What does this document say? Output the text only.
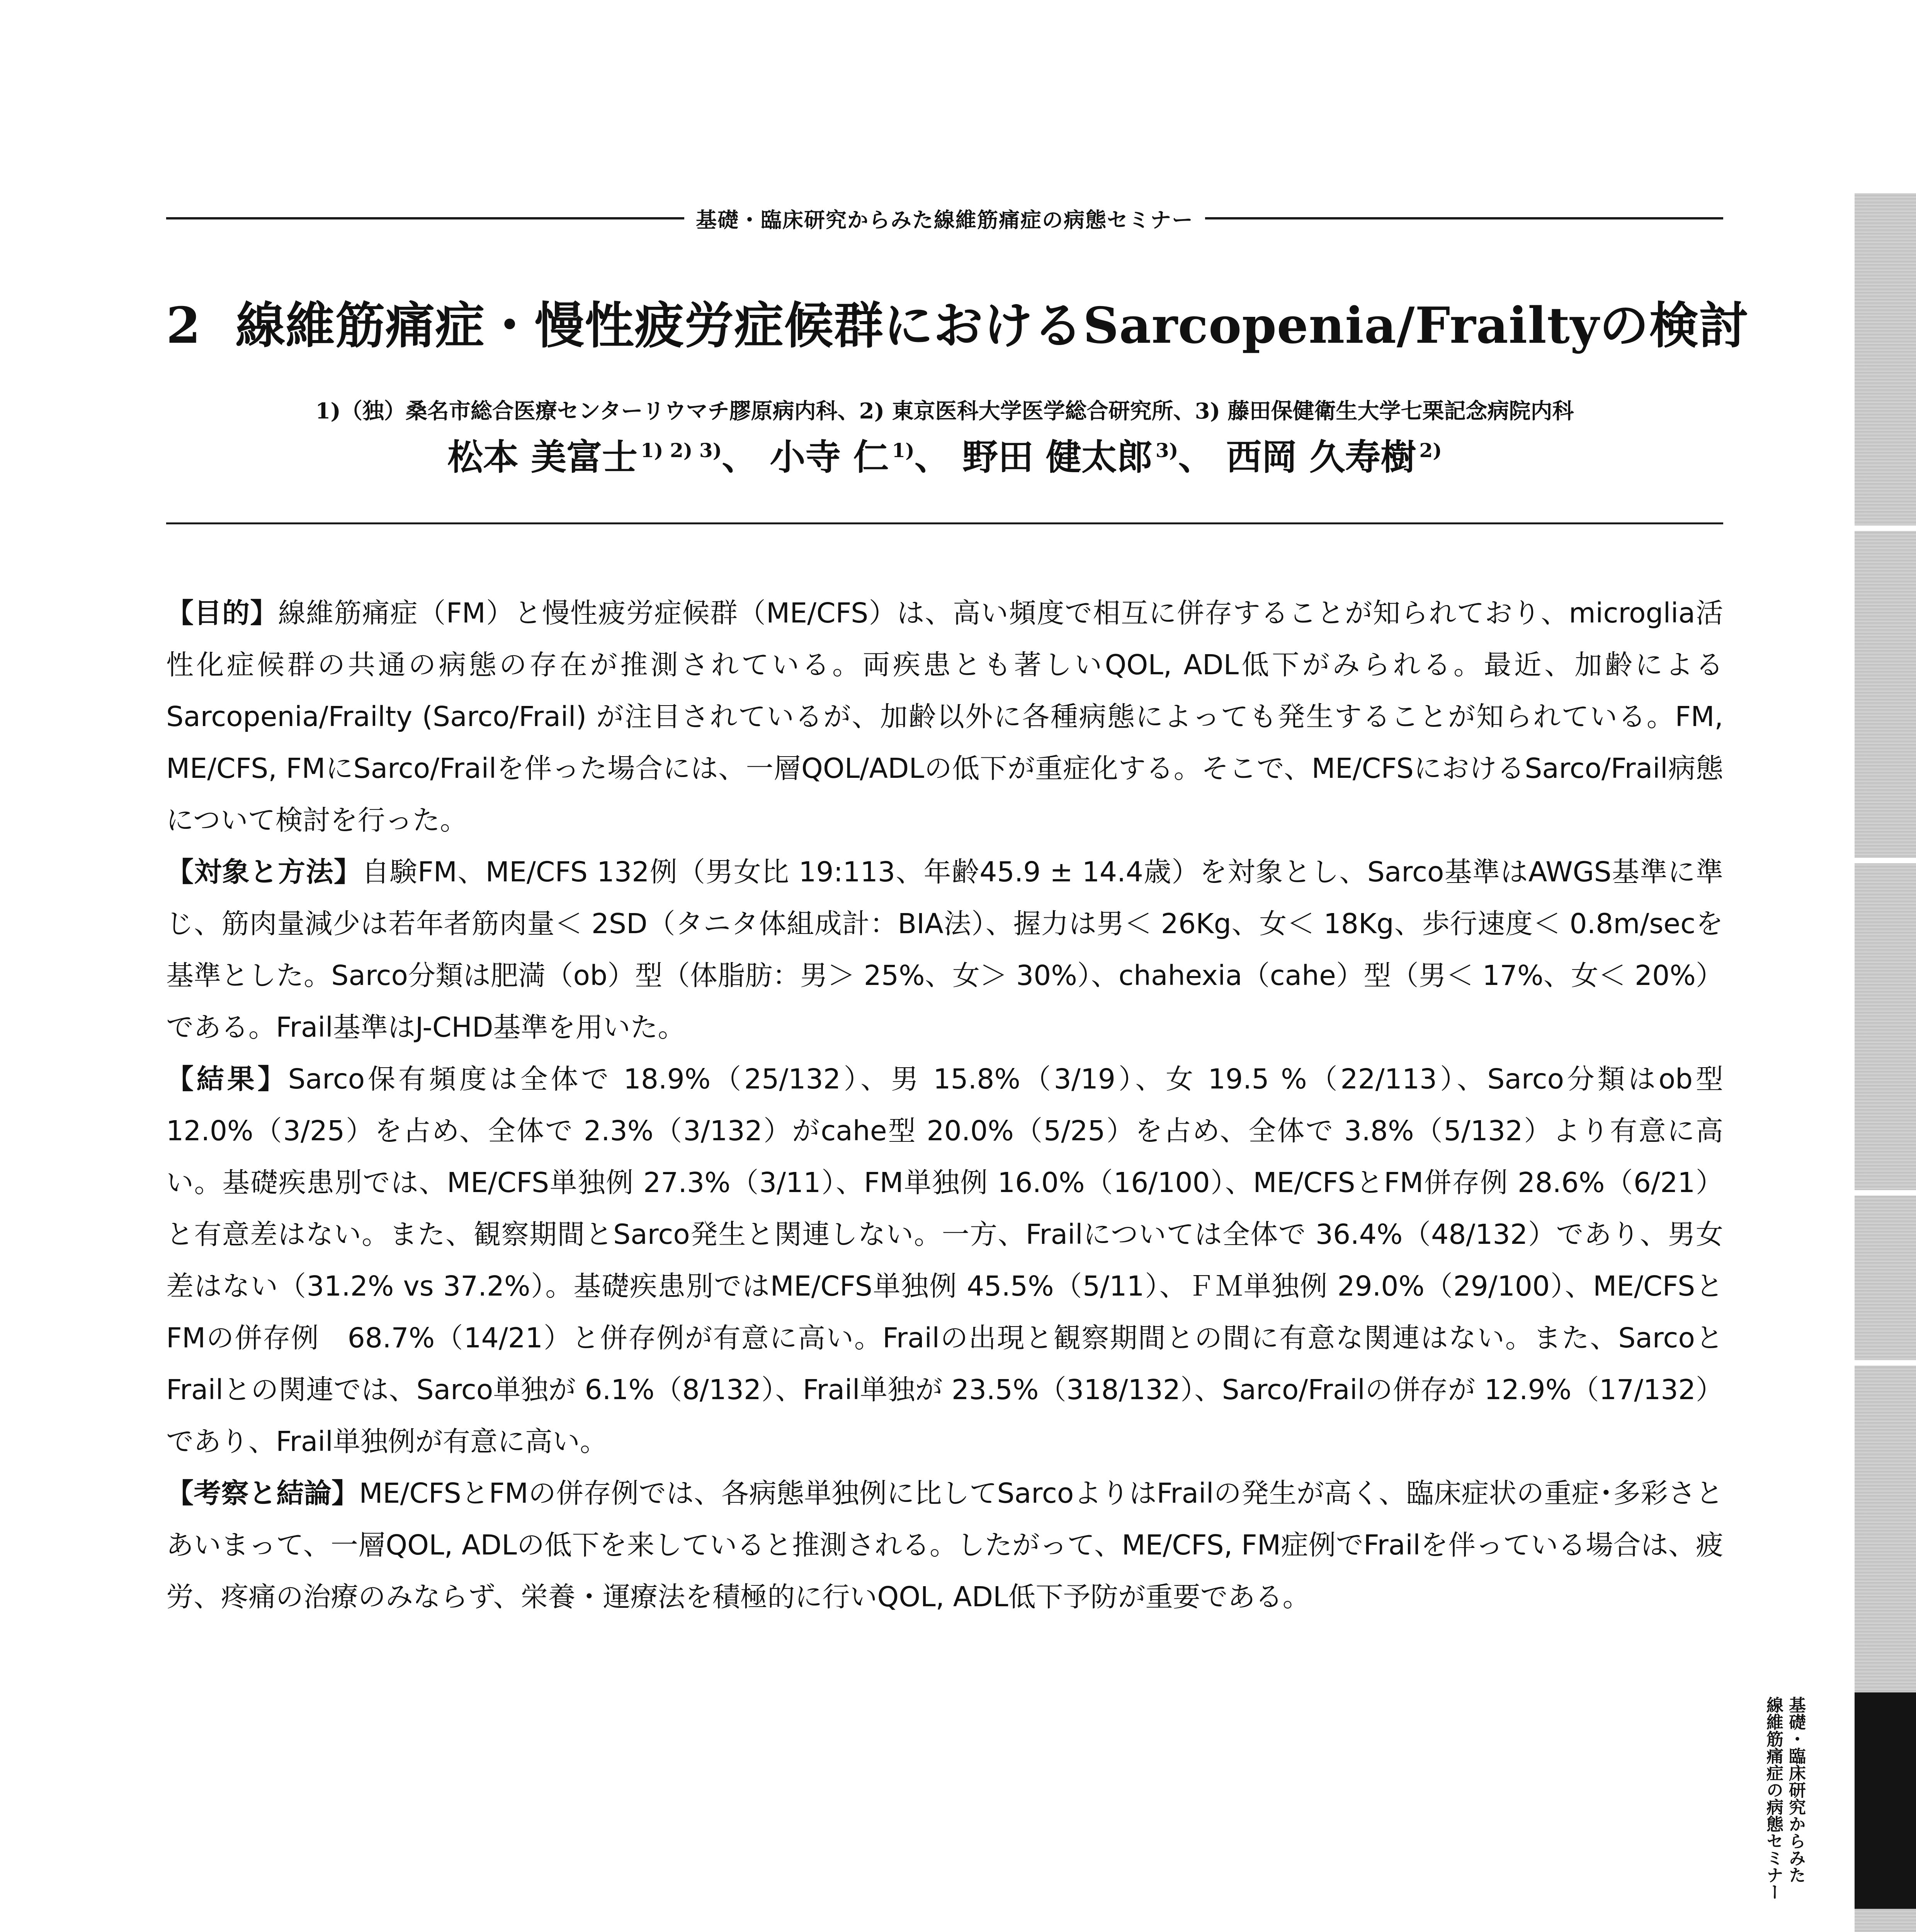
基礎・臨床研究からみた線維筋痛症の病態セミナー
2 線維筋痛症・慢性疲労症候群におけるSarcopenia/Frailtyの検討
1)（独）桑名市総合医療センターリウマチ膠原病内科、2) 東京医科大学医学総合研究所、3) 藤田保健衛生大学七栗記念病院内科
松本 美富士 $^{1) 2) 3)}$、 小寺 仁 $^{1)}$、 野田 健太郎 $^{3)}$、 西岡 久寿樹 $^{2)}$

【目的】線維筋痛症（FM）と慢性疲労症候群（ME/CFS）は、高い頻度で相互に併存することが知られており、microglia活性化症候群の共通の病態の存在が推測されている。両疾患とも著しいQOL, ADL低下がみられる。最近、加齢によるSarcopenia/Frailty (Sarco/Frail) が注目されているが、加齢以外に各種病態によっても発生することが知られている。FM, ME/CFS, FMにSarco/Frailを伴った場合には、一層QOL/ADLの低下が重症化する。そこで、ME/CFSにおけるSarco/Frail病態について検討を行った。

【対象と方法】自験FM、ME/CFS 132例（男女比 19:113、年齢45.9 ± 14.4歳）を対象とし、Sarco基準はAWGS基準に準じ、筋肉量減少は若年者筋肉量＜ 2SD（タニタ体組成計：BIA法）、握力は男＜ 26Kg、女＜ 18Kg、歩行速度＜ 0.8m/secを基準とした。Sarco分類は肥満（ob）型（体脂肪：男＞ 25%、女＞ 30%）、chahexia（cahe）型（男＜ 17%、女＜ 20%）である。Frail基準はJ-CHD基準を用いた。

【結果】Sarco保有頻度は全体で 18.9%（25/132）、男 15.8%（3/19）、女 19.5 %（22/113）、Sarco分類はob型 12.0%（3/25）を占め、全体で 2.3%（3/132）がcahe型 20.0%（5/25）を占め、全体で 3.8%（5/132）より有意に高い。基礎疾患別では、ME/CFS単独例 27.3%（3/11）、FM単独例 16.0%（16/100）、ME/CFSとFM併存例 28.6%（6/21）と有意差はない。また、観察期間とSarco発生と関連しない。一方、Frailについては全体で 36.4%（48/132）であり、男女差はない（31.2% vs 37.2%）。基礎疾患別ではME/CFS単独例 45.5%（5/11）、ＦＭ単独例 29.0%（29/100）、ME/CFSとFMの併存例　68.7%（14/21）と併存例が有意に高い。Frailの出現と観察期間との間に有意な関連はない。また、SarcoとFrailとの関連では、Sarco単独が 6.1%（8/132）、Frail単独が 23.5%（318/132）、Sarco/Frailの併存が 12.9%（17/132）であり、Frail単独例が有意に高い。

【考察と結論】ME/CFSとFMの併存例では、各病態単独例に比してSarcoよりはFrailの発生が高く、臨床症状の重症･多彩さとあいまって、一層QOL, ADLの低下を来していると推測される。したがって、ME/CFS, FM症例でFrailを伴っている場合は、疲労、疼痛の治療のみならず、栄養・運療法を積極的に行いQOL, ADL低下予防が重要である。

基礎・臨床研究からみた
線維筋痛症の病態セミナー
